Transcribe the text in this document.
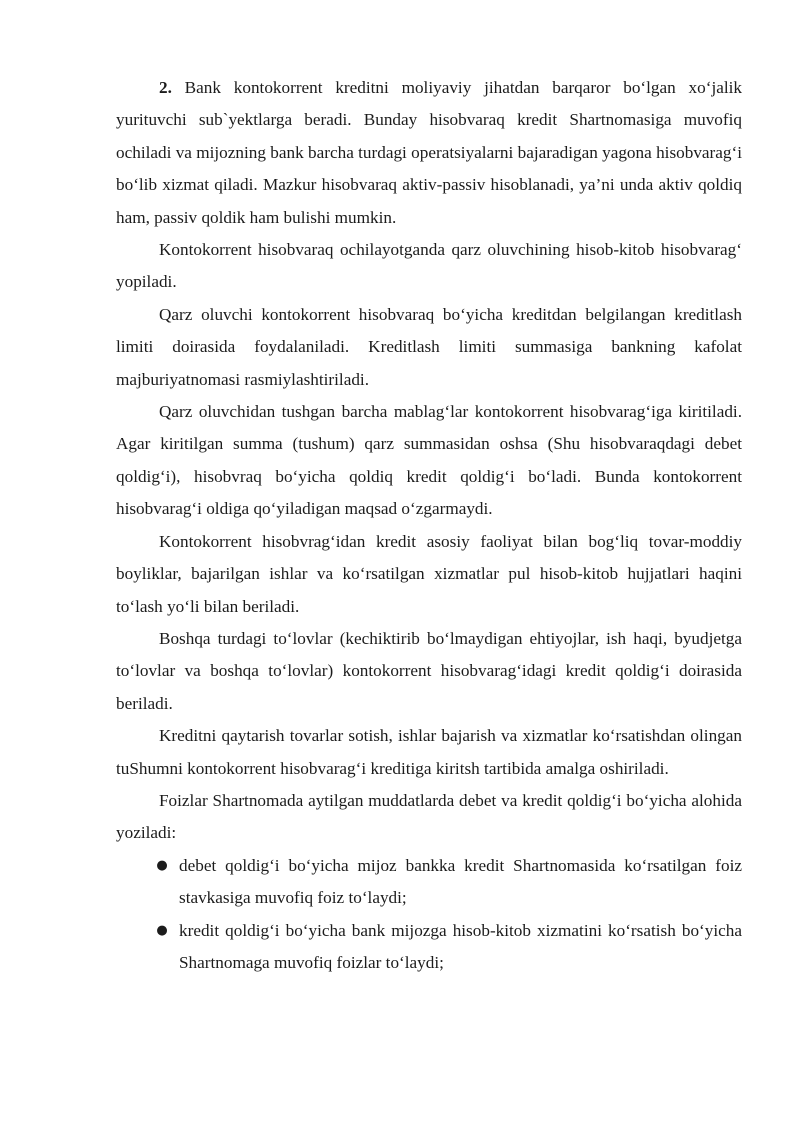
2. Bank kontokorrent kreditni moliyaviy jihatdan barqaror bo‘lgan xo‘jalik yurituvchi sub`yektlarga beradi. Bunday hisobvaraq kredit Shartnomasiga muvofiq ochiladi va mijozning bank barcha turdagi operatsiyalarni bajaradigan yagona hisobvarag‘i bo‘lib xizmat qiladi. Mazkur hisobvaraq aktiv-passiv hisoblanadi, ya’ni unda aktiv qoldiq ham, passiv qoldik ham bulishi mumkin.

Kontokorrent hisobvaraq ochilayotganda qarz oluvchining hisob-kitob hisobvarag‘ yopiladi.

Qarz oluvchi kontokorrent hisobvaraq bo‘yicha kreditdan belgilangan kreditlash limiti doirasida foydalaniladi. Kreditlash limiti summasiga bankning kafolat majburiyatnomasi rasmiylashtiriladi.

Qarz oluvchidan tushgan barcha mablag‘lar kontokorrent hisobvarag‘iga kiritiladi. Agar kiritilgan summa (tushum) qarz summasidan oshsa (Shu hisobvaraqdagi debet qoldig‘i), hisobvraq bo‘yicha qoldiq kredit qoldig‘i bo‘ladi. Bunda kontokorrent hisobvarag‘i oldiga qo‘yiladigan maqsad o‘zgarmaydi.

Kontokorrent hisobvrag‘idan kredit asosiy faoliyat bilan bog‘liq tovar-moddiy boyliklar, bajarilgan ishlar va ko‘rsatilgan xizmatlar pul hisob-kitob hujjatlari haqini to‘lash yo‘li bilan beriladi.

Boshqa turdagi to‘lovlar (kechiktirib bo‘lmaydigan ehtiyojlar, ish haqi, byudjetga to‘lovlar va boshqa to‘lovlar) kontokorrent hisobvarag‘idagi kredit qoldig‘i doirasida beriladi.

Kreditni qaytarish tovarlar sotish, ishlar bajarish va xizmatlar ko‘rsatishdan olingan tuShumni kontokorrent hisobvarag‘i kreditiga kiritsh tartibida amalga oshiriladi.

Foizlar Shartnomada aytilgan muddatlarda debet va kredit qoldig‘i bo‘yicha alohida yoziladi:

● debet qoldig‘i bo‘yicha mijoz bankka kredit Shartnomasida ko‘rsatilgan foiz stavkasiga muvofiq foiz to‘laydi;
● kredit qoldig‘i bo‘yicha bank mijozga hisob-kitob xizmatini ko‘rsatish bo‘yicha Shartnomaga muvofiq foizlar to‘laydi;
